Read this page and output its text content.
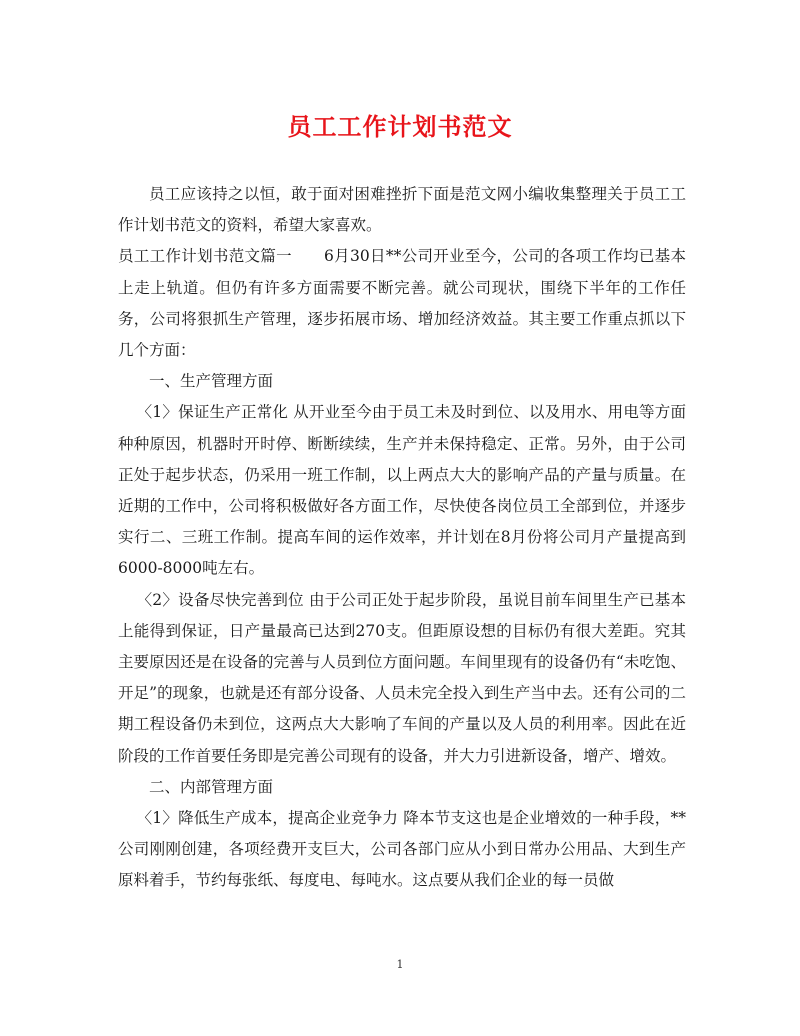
员工工作计划书范文

员工应该持之以恒，敢于面对困难挫折下面是范文网小编收集整理关于员工工作计划书范文的资料，希望大家喜欢。

员工工作计划书范文篇一 6月30日**公司开业至今，公司的各项工作均已基本上走上轨道。但仍有许多方面需要不断完善。就公司现状，围绕下半年的工作任务，公司将狠抓生产管理，逐步拓展市场、增加经济效益。其主要工作重点抓以下几个方面：

一、生产管理方面

〈1〉保证生产正常化 从开业至今由于员工未及时到位、以及用水、用电等方面种种原因，机器时开时停、断断续续，生产并未保持稳定、正常。另外，由于公司正处于起步状态，仍采用一班工作制，以上两点大大的影响产品的产量与质量。在近期的工作中，公司将积极做好各方面工作，尽快使各岗位员工全部到位，并逐步实行二、三班工作制。提高车间的运作效率，并计划在8月份将公司月产量提高到6000-8000吨左右。

〈2〉设备尽快完善到位 由于公司正处于起步阶段，虽说目前车间里生产已基本上能得到保证，日产量最高已达到270支。但距原设想的目标仍有很大差距。究其主要原因还是在设备的完善与人员到位方面问题。车间里现有的设备仍有“未吃饱、开足”的现象，也就是还有部分设备、人员未完全投入到生产当中去。还有公司的二期工程设备仍未到位，这两点大大影响了车间的产量以及人员的利用率。因此在近阶段的工作首要任务即是完善公司现有的设备，并大力引进新设备，增产、增效。

二、内部管理方面

〈1〉降低生产成本，提高企业竞争力 降本节支这也是企业增效的一种手段，**公司刚刚创建，各项经费开支巨大，公司各部门应从小到日常办公用品、大到生产原料着手，节约每张纸、每度电、每吨水。这点要从我们企业的每一员做

1
